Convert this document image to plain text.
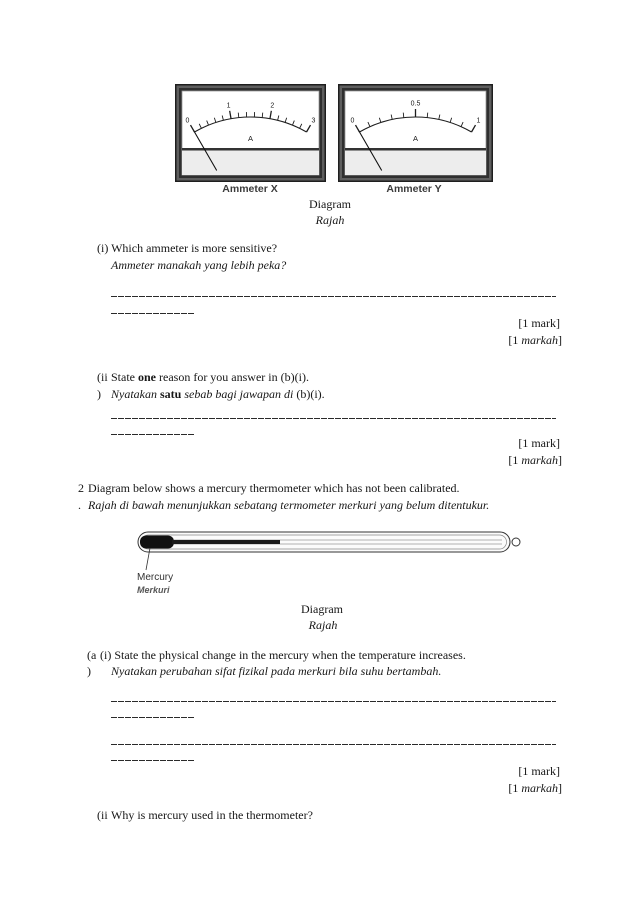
0
1	2
3
A
0
0.5
1
A
Ammeter X	Ammeter Y
Diagram
Rajah
(i) Which ammeter is more sensitive?
Ammeter manakah yang lebih peka?
[1 mark]
[1 markah]
(ii
)
State one reason for you answer in (b)(i).
Nyatakan satu sebab bagi jawapan di (b)(i).
[1 mark]
[1 markah]
2
.
Diagram below shows a mercury thermometer which has not been calibrated.
Rajah di bawah menunjukkan sebatang termometer merkuri yang belum ditentukur.
Mercury
Merkuri
Diagram
Rajah
(a
)
(i) State the physical change in the mercury when the temperature increases.
Nyatakan perubahan sifat fizikal pada merkuri bila suhu bertambah.
[1 mark]
[1 markah]
(ii Why is mercury used in the thermometer?
